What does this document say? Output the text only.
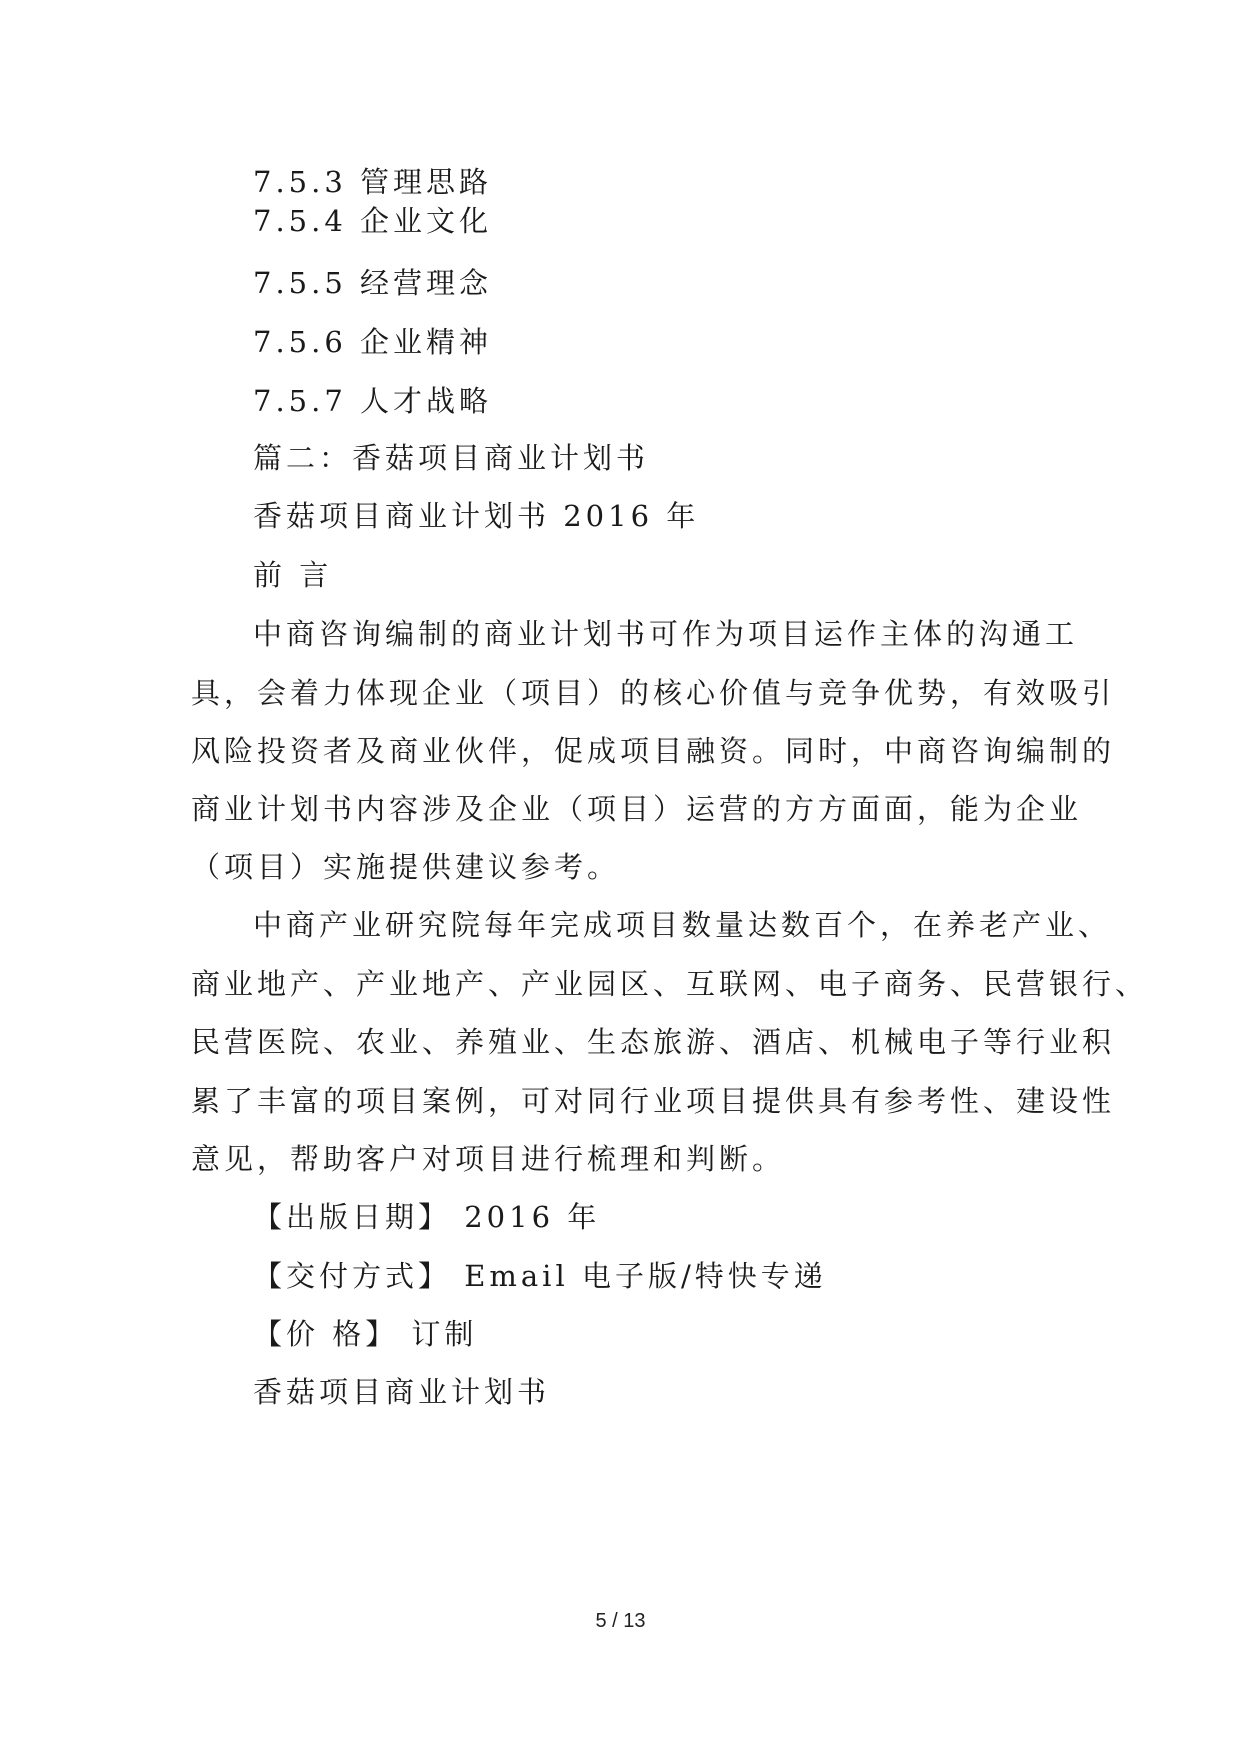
7.5.3 管理思路
7.5.4 企业文化
7.5.5 经营理念
7.5.6 企业精神
7.5.7 人才战略
篇二：香菇项目商业计划书
香菇项目商业计划书 2016 年
前 言
中商咨询编制的商业计划书可作为项目运作主体的沟通工
具，会着力体现企业（项目）的核心价值与竞争优势，有效吸引
风险投资者及商业伙伴，促成项目融资。同时，中商咨询编制的
商业计划书内容涉及企业（项目）运营的方方面面，能为企业
（项目）实施提供建议参考。
中商产业研究院每年完成项目数量达数百个，在养老产业、
商业地产、产业地产、产业园区、互联网、电子商务、民营银行、
民营医院、农业、养殖业、生态旅游、酒店、机械电子等行业积
累了丰富的项目案例，可对同行业项目提供具有参考性、建设性
意见，帮助客户对项目进行梳理和判断。
【出版日期】 2016 年
【交付方式】 Email 电子版/特快专递
【价 格】 订制
香菇项目商业计划书
5 / 13
